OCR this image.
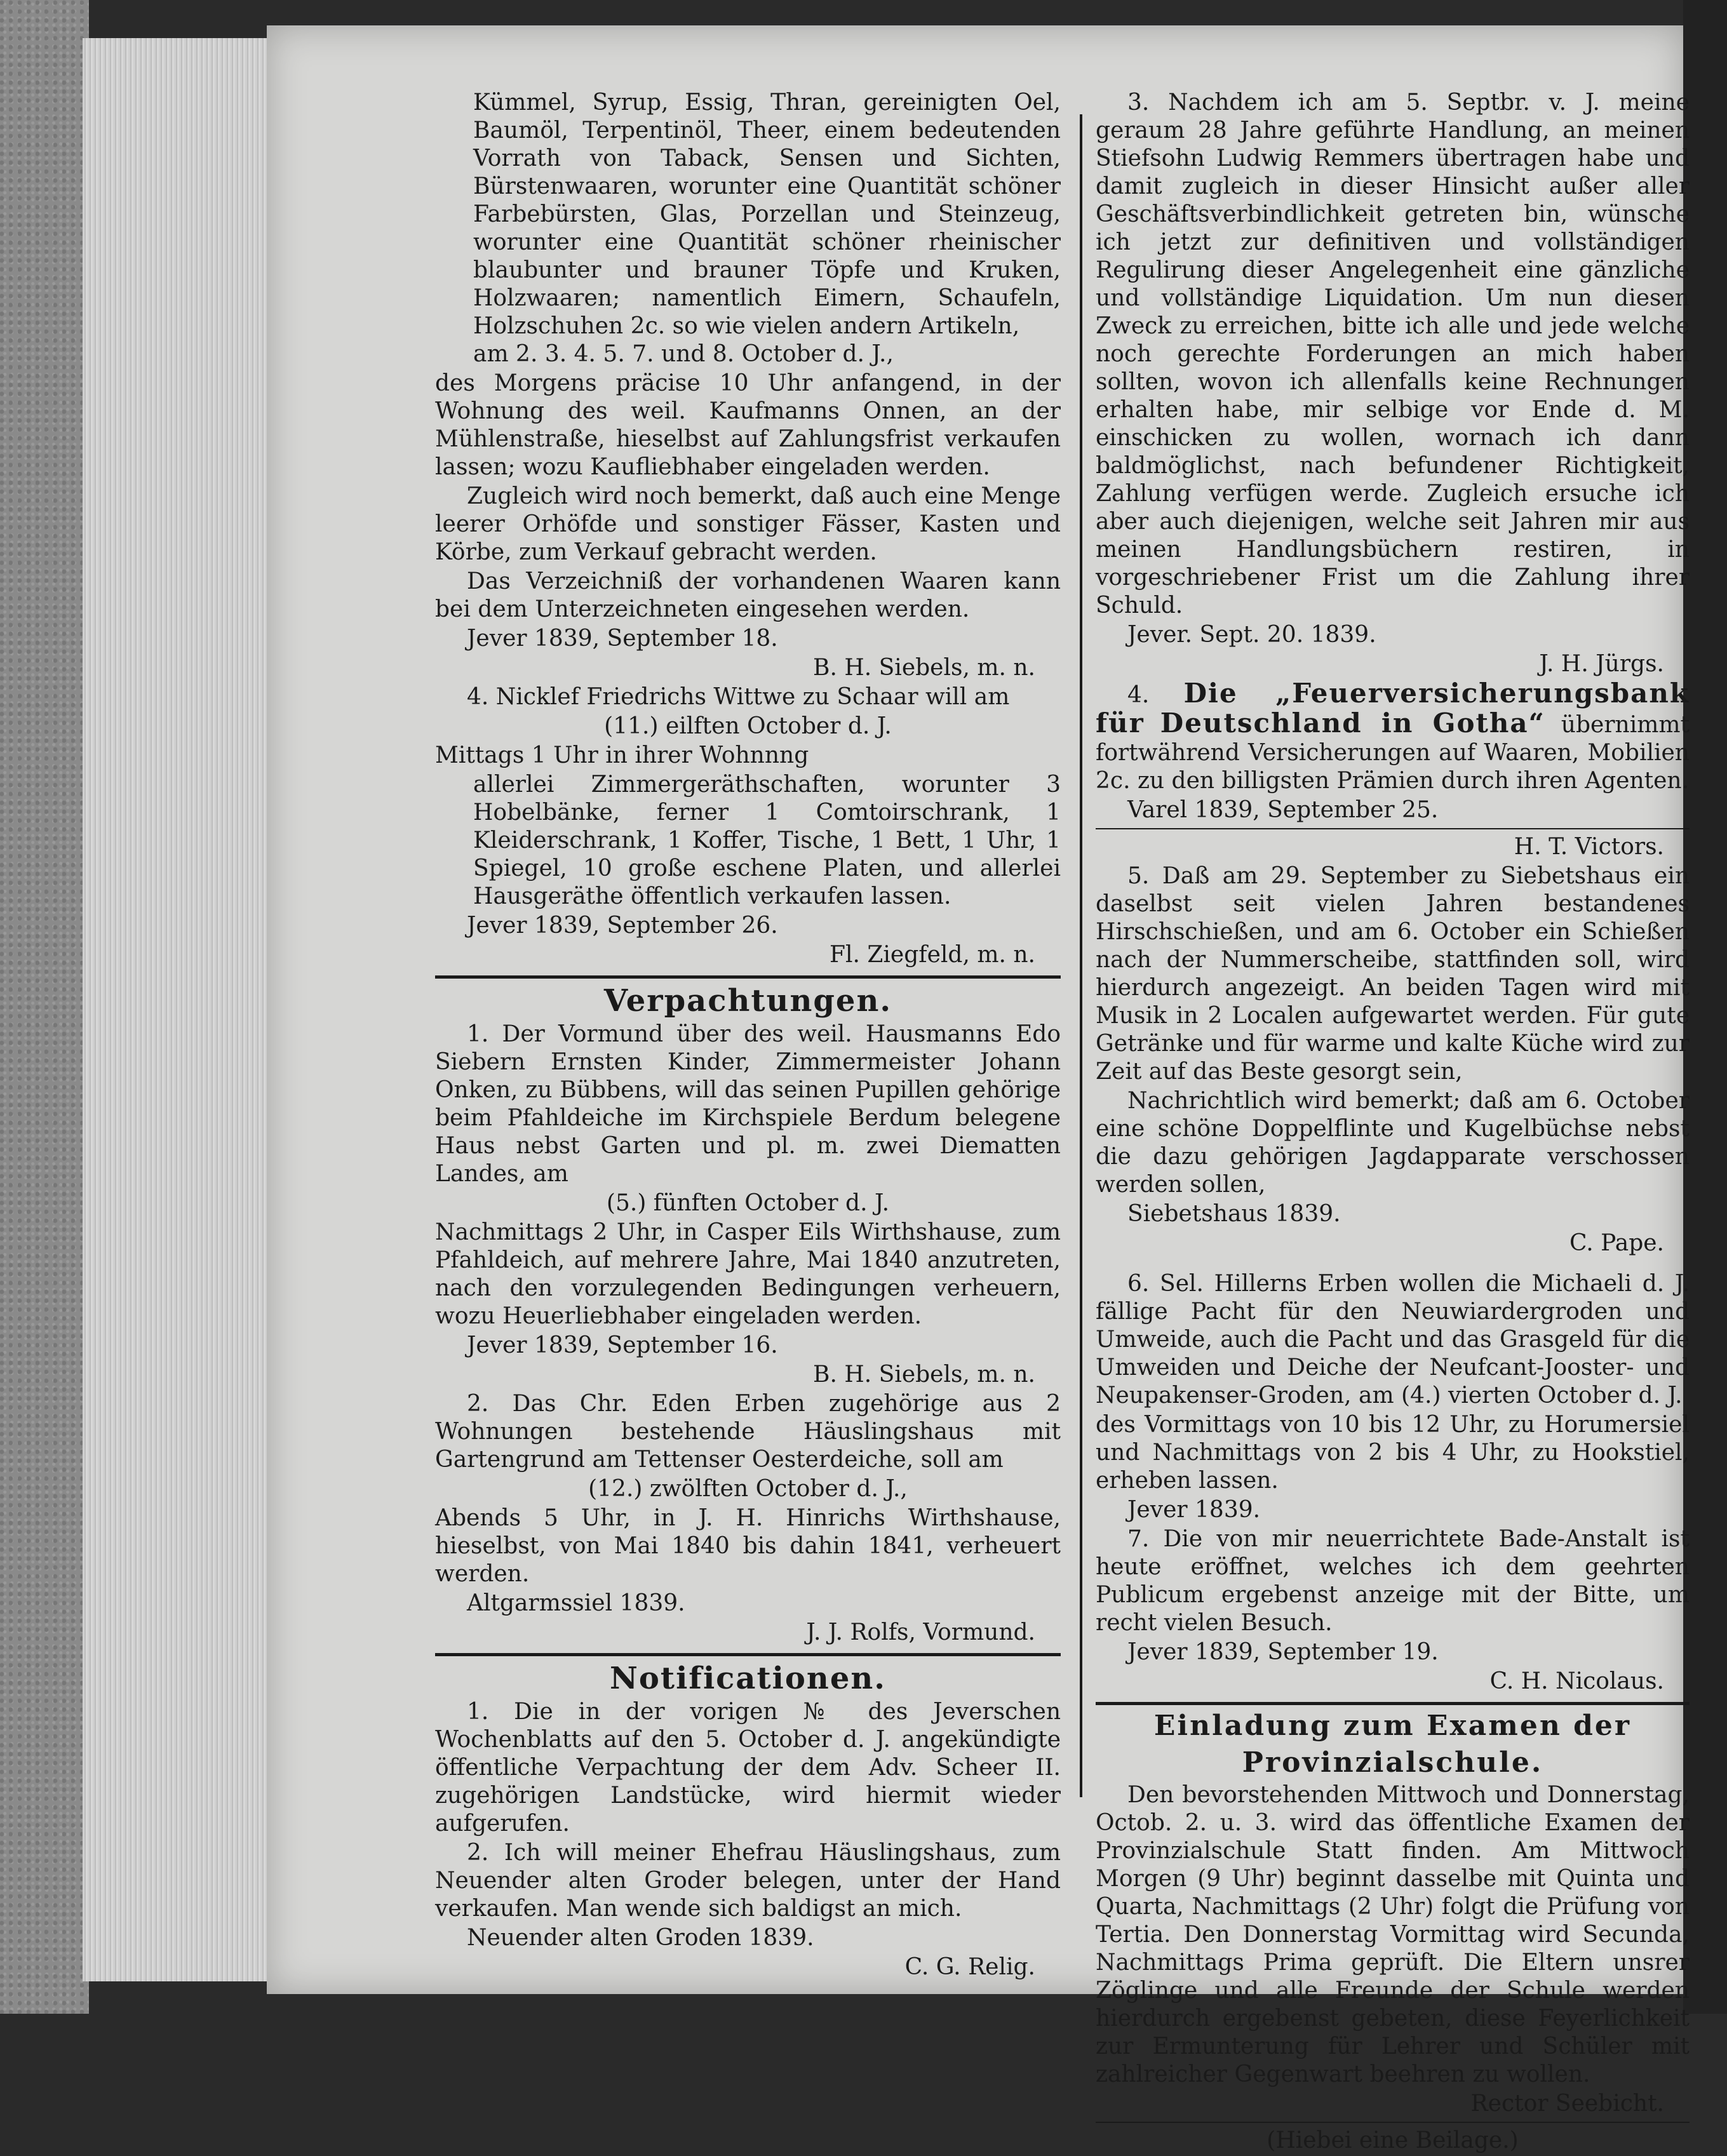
Kümmel, Syrup, Essig, Thran, gereinigten Oel, Baumöl, Terpentinöl, Theer, einem bedeutenden Vorrath von Taback, Sensen und Sichten, Bürstenwaaren, worunter eine Quantität schöner Farbebürsten, Glas, Porzellan und Steinzeug, worunter eine Quantität schöner rheinischer blaubunter und brauner Töpfe und Kruken, Holzwaaren; namentlich Eimern, Schaufeln, Holzschuhen 2c. so wie vielen andern Artikeln,

am 2. 3. 4. 5. 7. und 8. October d. J.,

des Morgens präcise 10 Uhr anfangend, in der Wohnung des weil. Kaufmanns Onnen, an der Mühlenstraße, hieselbst auf Zahlungsfrist verkaufen lassen; wozu Kaufliebhaber eingeladen werden.

Zugleich wird noch bemerkt, daß auch eine Menge leerer Orhöfde und sonstiger Fässer, Kasten und Körbe, zum Verkauf gebracht werden.

Das Verzeichniß der vorhandenen Waaren kann bei dem Unterzeichneten eingesehen werden.

Jever 1839, September 18.

B. H. Siebels, m. n.

4. Nicklef Friedrichs Wittwe zu Schaar will am

(11.) eilften October d. J.

Mittags 1 Uhr in ihrer Wohnnng

allerlei Zimmergeräthschaften, worunter 3 Hobelbänke, ferner 1 Comtoirschrank, 1 Kleiderschrank, 1 Koffer, Tische, 1 Bett, 1 Uhr, 1 Spiegel, 10 große eschene Platen, und allerlei Hausgeräthe öffentlich verkaufen lassen.

Jever 1839, September 26.

Fl. Ziegfeld, m. n.

Verpachtungen.

1. Der Vormund über des weil. Hausmanns Edo Siebern Ernsten Kinder, Zimmermeister Johann Onken, zu Bübbens, will das seinen Pupillen gehörige beim Pfahldeiche im Kirchspiele Berdum belegene Haus nebst Garten und pl. m. zwei Diematten Landes, am

(5.) fünften October d. J.

Nachmittags 2 Uhr, in Casper Eils Wirthshause, zum Pfahldeich, auf mehrere Jahre, Mai 1840 anzutreten, nach den vorzulegenden Bedingungen verheuern, wozu Heuerliebhaber eingeladen werden.

Jever 1839, September 16.

B. H. Siebels, m. n.

2. Das Chr. Eden Erben zugehörige aus 2 Wohnungen bestehende Häuslingshaus mit Gartengrund am Tettenser Oesterdeiche, soll am

(12.) zwölften October d. J.,

Abends 5 Uhr, in J. H. Hinrichs Wirthshause, hieselbst, von Mai 1840 bis dahin 1841, verheuert werden.

Altgarmssiel 1839.

J. J. Rolfs, Vormund.

Notificationen.

1. Die in der vorigen № des Jeverschen Wochenblatts auf den 5. October d. J. angekündigte öffentliche Verpachtung der dem Adv. Scheer II. zugehörigen Landstücke, wird hiermit wieder aufgerufen.

2. Ich will meiner Ehefrau Häuslingshaus, zum Neuender alten Groder belegen, unter der Hand verkaufen. Man wende sich baldigst an mich.

Neuender alten Groden 1839.

C. G. Relig.

3. Nachdem ich am 5. Septbr. v. J. meine geraum 28 Jahre geführte Handlung, an meinen Stiefsohn Ludwig Remmers übertragen habe und damit zugleich in dieser Hinsicht außer aller Geschäftsverbindlichkeit getreten bin, wünsche ich jetzt zur definitiven und vollständigen Regulirung dieser Angelegenheit eine gänzliche und vollständige Liquidation. Um nun diesen Zweck zu erreichen, bitte ich alle und jede welche noch gerechte Forderungen an mich haben sollten, wovon ich allenfalls keine Rechnungen erhalten habe, mir selbige vor Ende d. M. einschicken zu wollen, wornach ich dann baldmöglichst, nach befundener Richtigkeit, Zahlung verfügen werde. Zugleich ersuche ich aber auch diejenigen, welche seit Jahren mir aus meinen Handlungsbüchern restiren, in vorgeschriebener Frist um die Zahlung ihrer Schuld.

Jever. Sept. 20. 1839.

J. H. Jürgs.

4. Die „Feuerversicherungsbank für Deutschland in Gotha“ übernimmt fortwährend Versicherungen auf Waaren, Mobilien 2c. zu den billigsten Prämien durch ihren Agenten.

Varel 1839, September 25.

H. T. Victors.

5. Daß am 29. September zu Siebetshaus ein daselbst seit vielen Jahren bestandenes Hirschschießen, und am 6. October ein Schießen nach der Nummerscheibe, stattfinden soll, wird hierdurch angezeigt. An beiden Tagen wird mit Musik in 2 Localen aufgewartet werden. Für gute Getränke und für warme und kalte Küche wird zur Zeit auf das Beste gesorgt sein,

Nachrichtlich wird bemerkt; daß am 6. October eine schöne Doppelflinte und Kugelbüchse nebst die dazu gehörigen Jagdapparate verschossen werden sollen,

Siebetshaus 1839.

C. Pape.

6. Sel. Hillerns Erben wollen die Michaeli d. J. fällige Pacht für den Neuwiardergroden und Umweide, auch die Pacht und das Grasgeld für die Umweiden und Deiche der Neufcant-Jooster- und Neupakenser-Groden, am (4.) vierten October d. J.

des Vormittags von 10 bis 12 Uhr, zu Horumersiel und Nachmittags von 2 bis 4 Uhr, zu Hookstiel, erheben lassen.

Jever 1839.

7. Die von mir neuerrichtete Bade-Anstalt ist heute eröffnet, welches ich dem geehrten Publicum ergebenst anzeige mit der Bitte, um recht vielen Besuch.

Jever 1839, September 19.

C. H. Nicolaus.

Einladung zum Examen der Provinzialschule.

Den bevorstehenden Mittwoch und Donnerstag, Octob. 2. u. 3. wird das öffentliche Examen der Provinzialschule Statt finden. Am Mittwoch Morgen (9 Uhr) beginnt dasselbe mit Quinta und Quarta, Nachmittags (2 Uhr) folgt die Prüfung von Tertia. Den Donnerstag Vormittag wird Secunda, Nachmittags Prima geprüft. Die Eltern unsrer Zöglinge und alle Freunde der Schule werden hierdurch ergebenst gebeten, diese Feyerlichkeit zur Ermunterung für Lehrer und Schüler mit zahlreicher Gegenwart beehren zu wollen.

Rector Seebicht.

(Hiebei eine Beilage.)
